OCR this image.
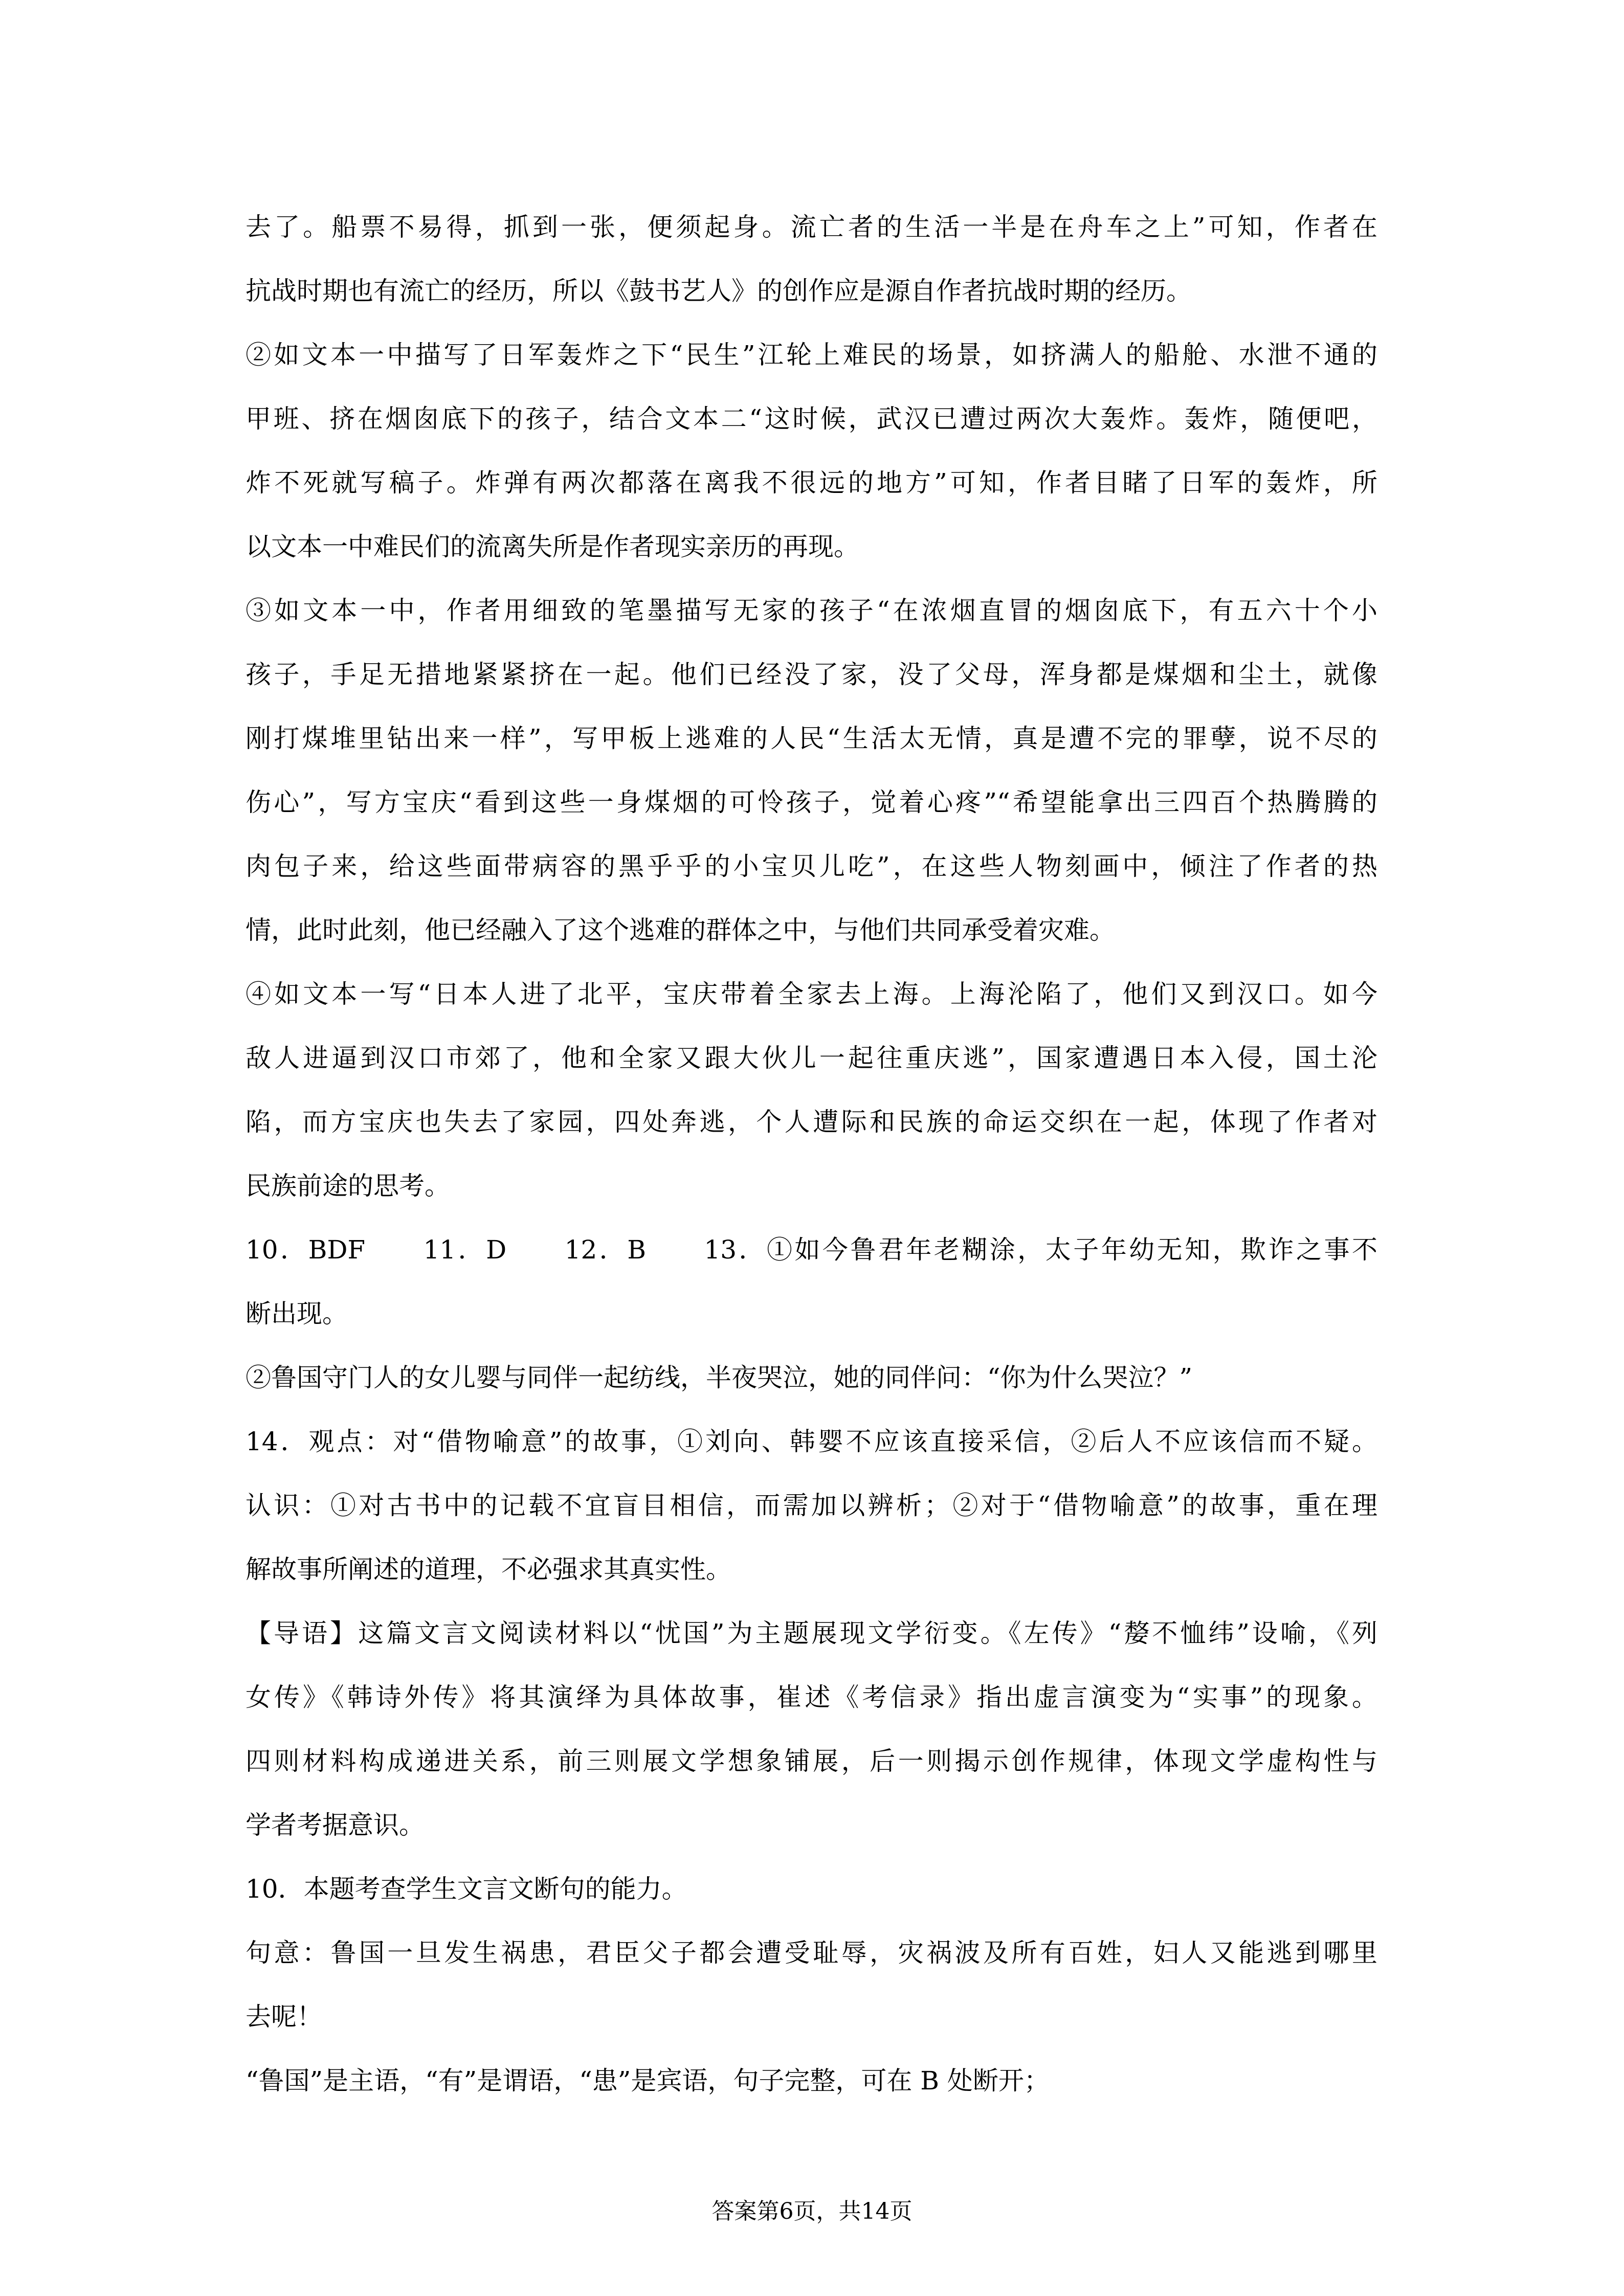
去了。船票不易得，抓到一张，便须起身。流亡者的生活一半是在舟车之上”可知，作者在
抗战时期也有流亡的经历，所以《鼓书艺人》的创作应是源自作者抗战时期的经历。
②如文本一中描写了日军轰炸之下“民生”江轮上难民的场景，如挤满人的船舱、水泄不通的
甲班、挤在烟囱底下的孩子，结合文本二“这时候，武汉已遭过两次大轰炸。轰炸，随便吧，
炸不死就写稿子。炸弹有两次都落在离我不很远的地方”可知，作者目睹了日军的轰炸，所
以文本一中难民们的流离失所是作者现实亲历的再现。
③如文本一中，作者用细致的笔墨描写无家的孩子“在浓烟直冒的烟囱底下，有五六十个小
孩子，手足无措地紧紧挤在一起。他们已经没了家，没了父母，浑身都是煤烟和尘土，就像
刚打煤堆里钻出来一样”，写甲板上逃难的人民“生活太无情，真是遭不完的罪孽，说不尽的
伤心”，写方宝庆“看到这些一身煤烟的可怜孩子，觉着心疼”“希望能拿出三四百个热腾腾的
肉包子来，给这些面带病容的黑乎乎的小宝贝儿吃”，在这些人物刻画中，倾注了作者的热
情，此时此刻，他已经融入了这个逃难的群体之中，与他们共同承受着灾难。
④如文本一写“日本人进了北平，宝庆带着全家去上海。上海沦陷了，他们又到汉口。如今
敌人进逼到汉口市郊了，他和全家又跟大伙儿一起往重庆逃”，国家遭遇日本入侵，国土沦
陷，而方宝庆也失去了家园，四处奔逃，个人遭际和民族的命运交织在一起，体现了作者对
民族前途的思考。
10．BDF　　11．D　　12．B　　13．①如今鲁君年老糊涂，太子年幼无知，欺诈之事不
断出现。
②鲁国守门人的女儿婴与同伴一起纺线，半夜哭泣，她的同伴问：“你为什么哭泣？”
14．观点：对“借物喻意”的故事，①刘向、韩婴不应该直接采信，②后人不应该信而不疑。
认识：①对古书中的记载不宜盲目相信，而需加以辨析；②对于“借物喻意”的故事，重在理
解故事所阐述的道理，不必强求其真实性。
【导语】这篇文言文阅读材料以“忧国”为主题展现文学衍变。《左传》“嫠不恤纬”设喻，《列
女传》《韩诗外传》将其演绎为具体故事，崔述《考信录》指出虚言演变为“实事”的现象。
四则材料构成递进关系，前三则展文学想象铺展，后一则揭示创作规律，体现文学虚构性与
学者考据意识。
10．本题考查学生文言文断句的能力。
句意：鲁国一旦发生祸患，君臣父子都会遭受耻辱，灾祸波及所有百姓，妇人又能逃到哪里
去呢！
“鲁国”是主语，“有”是谓语，“患”是宾语，句子完整，可在 B 处断开；
答案第6页，共14页
